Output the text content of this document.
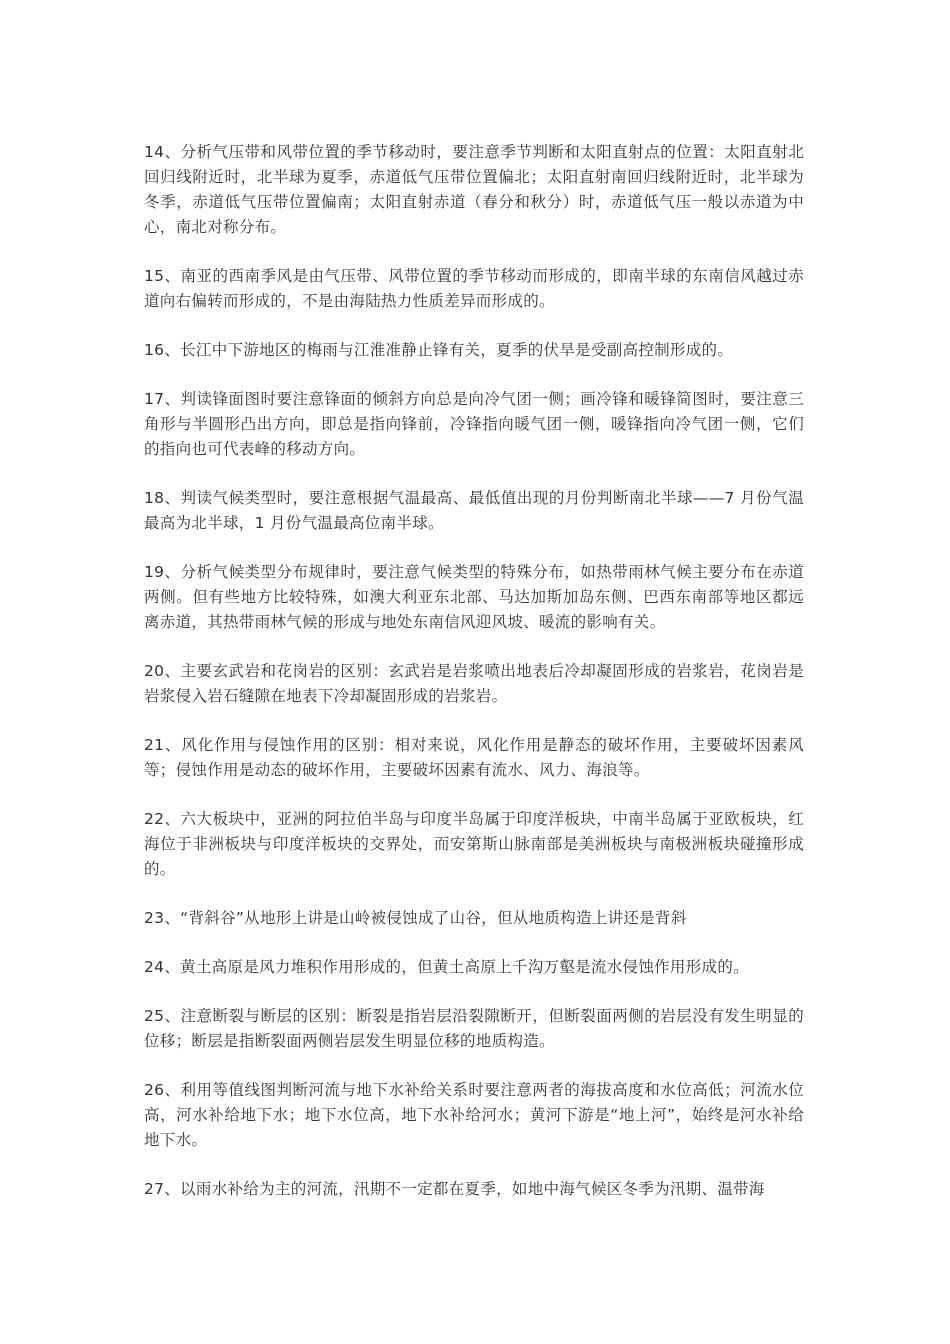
14、分析气压带和风带位置的季节移动时，要注意季节判断和太阳直射点的位置：太阳直射北回归线附近时，北半球为夏季，赤道低气压带位置偏北；太阳直射南回归线附近时，北半球为冬季，赤道低气压带位置偏南；太阳直射赤道（春分和秋分）时，赤道低气压一般以赤道为中心，南北对称分布。

15、南亚的西南季风是由气压带、风带位置的季节移动而形成的，即南半球的东南信风越过赤道向右偏转而形成的，不是由海陆热力性质差异而形成的。

16、长江中下游地区的梅雨与江淮准静止锋有关，夏季的伏旱是受副高控制形成的。

17、判读锋面图时要注意锋面的倾斜方向总是向冷气团一侧；画冷锋和暖锋简图时，要注意三角形与半圆形凸出方向，即总是指向锋前，冷锋指向暖气团一侧，暖锋指向冷气团一侧，它们的指向也可代表峰的移动方向。

18、判读气候类型时，要注意根据气温最高、最低值出现的月份判断南北半球——7 月份气温最高为北半球，1 月份气温最高位南半球。

19、分析气候类型分布规律时，要注意气候类型的特殊分布，如热带雨林气候主要分布在赤道两侧。但有些地方比较特殊，如澳大利亚东北部、马达加斯加岛东侧、巴西东南部等地区都远离赤道，其热带雨林气候的形成与地处东南信风迎风坡、暖流的影响有关。

20、主要玄武岩和花岗岩的区别：玄武岩是岩浆喷出地表后冷却凝固形成的岩浆岩，花岗岩是岩浆侵入岩石缝隙在地表下冷却凝固形成的岩浆岩。

21、风化作用与侵蚀作用的区别：相对来说，风化作用是静态的破坏作用，主要破坏因素风等；侵蚀作用是动态的破坏作用，主要破坏因素有流水、风力、海浪等。

22、六大板块中，亚洲的阿拉伯半岛与印度半岛属于印度洋板块，中南半岛属于亚欧板块，红海位于非洲板块与印度洋板块的交界处，而安第斯山脉南部是美洲板块与南极洲板块碰撞形成的。

23、“背斜谷”从地形上讲是山岭被侵蚀成了山谷，但从地质构造上讲还是背斜

24、黄土高原是风力堆积作用形成的，但黄土高原上千沟万壑是流水侵蚀作用形成的。

25、注意断裂与断层的区别：断裂是指岩层沿裂隙断开，但断裂面两侧的岩层没有发生明显的位移；断层是指断裂面两侧岩层发生明显位移的地质构造。

26、利用等值线图判断河流与地下水补给关系时要注意两者的海拔高度和水位高低；河流水位高，河水补给地下水；地下水位高，地下水补给河水；黄河下游是“地上河”，始终是河水补给地下水。

27、以雨水补给为主的河流，汛期不一定都在夏季，如地中海气候区冬季为汛期、温带海
